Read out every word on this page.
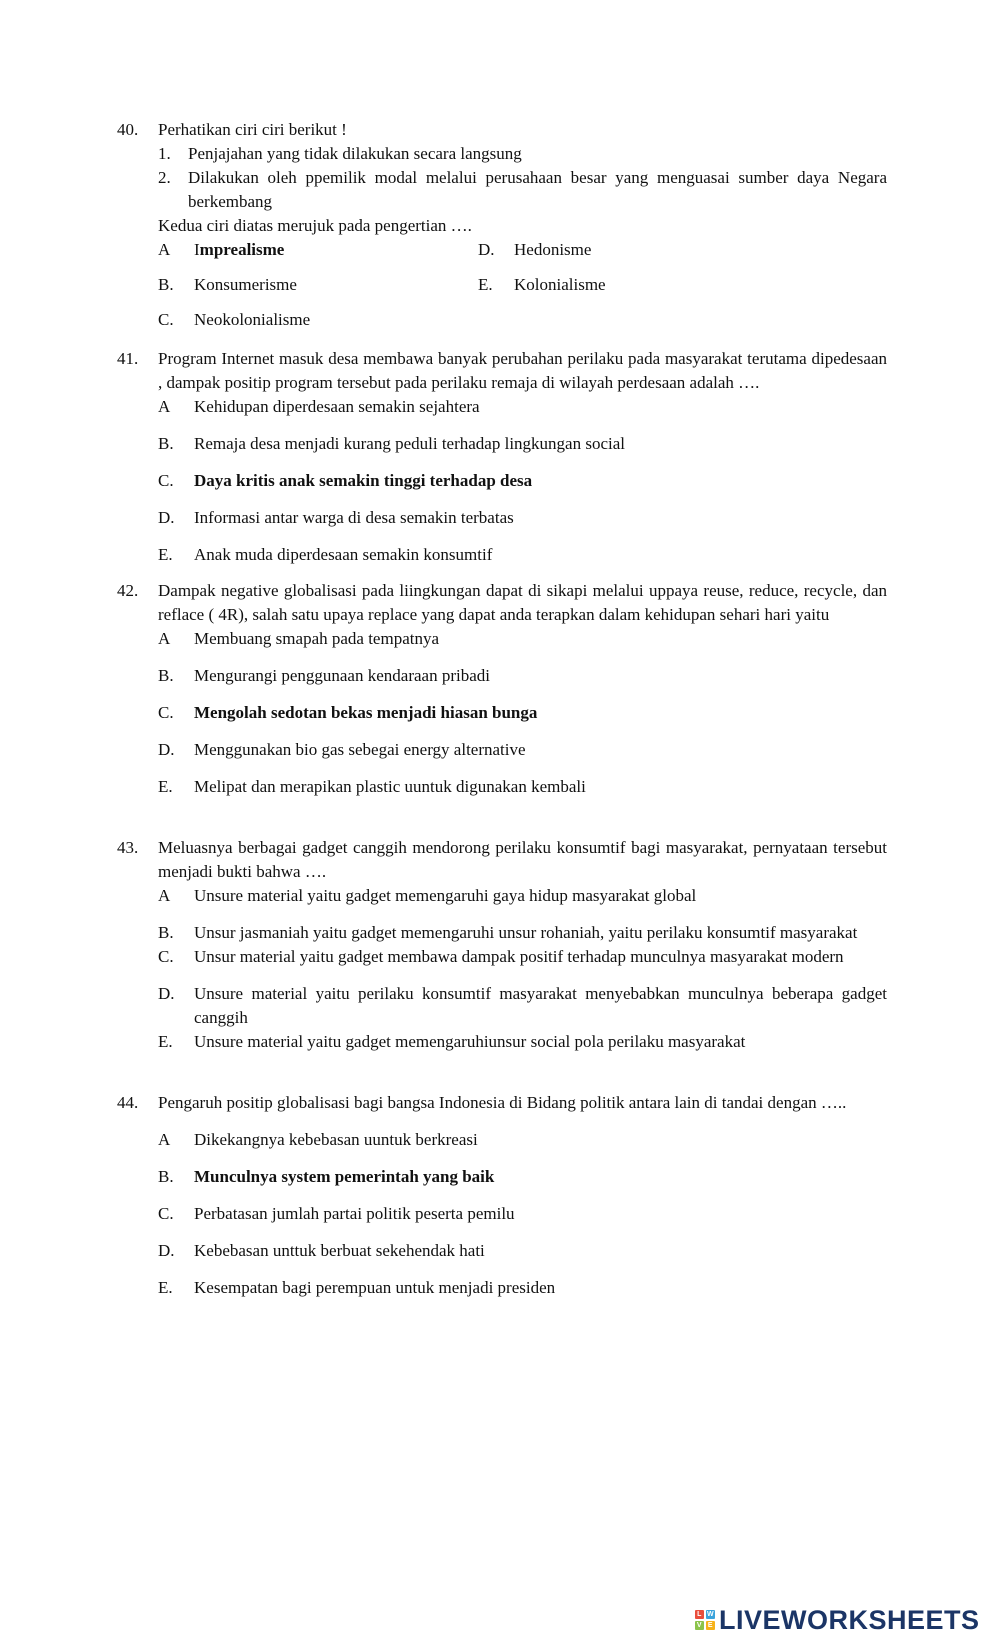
40.	Perhatikan ciri ciri berikut !
1. Penjajahan yang tidak dilakukan secara langsung
2. Dilakukan oleh ppemilik modal melalui perusahaan besar yang menguasai sumber daya Negara berkembang
Kedua ciri diatas merujuk pada pengertian ….
A Imprealisme	D. Hedonisme
B. Konsumerisme	E. Kolonialisme
C. Neokolonialisme
41.	Program Internet masuk desa membawa banyak perubahan perilaku pada masyarakat terutama dipedesaan , dampak positip program tersebut pada perilaku remaja di wilayah perdesaan adalah ….
A Kehidupan diperdesaan semakin sejahtera
B. Remaja desa menjadi kurang peduli terhadap lingkungan social
C. Daya kritis anak semakin tinggi terhadap desa
D. Informasi antar warga di desa semakin terbatas
E. Anak muda diperdesaan semakin konsumtif
42.	Dampak negative globalisasi pada liingkungan dapat di sikapi melalui uppaya reuse, reduce, recycle, dan reflace ( 4R), salah satu upaya replace yang dapat anda terapkan dalam kehidupan sehari hari yaitu
A Membuang smapah pada tempatnya
B. Mengurangi penggunaan kendaraan pribadi
C. Mengolah sedotan bekas menjadi hiasan bunga
D. Menggunakan bio gas sebegai energy alternative
E. Melipat dan merapikan plastic uuntuk digunakan kembali
43.	Meluasnya berbagai gadget canggih mendorong perilaku konsumtif bagi masyarakat, pernyataan tersebut menjadi bukti bahwa ….
A Unsure material yaitu gadget memengaruhi gaya hidup masyarakat global
B. Unsur jasmaniah yaitu gadget memengaruhi unsur rohaniah, yaitu perilaku konsumtif masyarakat
C. Unsur material yaitu gadget membawa dampak positif terhadap munculnya masyarakat modern
D. Unsure material yaitu perilaku konsumtif masyarakat menyebabkan munculnya beberapa gadget canggih
E. Unsure material yaitu gadget memengaruhiunsur social pola perilaku masyarakat
44.	Pengaruh positip globalisasi bagi bangsa Indonesia di Bidang politik antara lain di tandai dengan …..
A Dikekangnya kebebasan uuntuk berkreasi
B. Munculnya system pemerintah yang baik
C. Perbatasan jumlah partai politik peserta pemilu
D. Kebebasan unttuk berbuat sekehendak hati
E. Kesempatan bagi perempuan untuk menjadi presiden
L W
V E LIVEWORKSHEETS
